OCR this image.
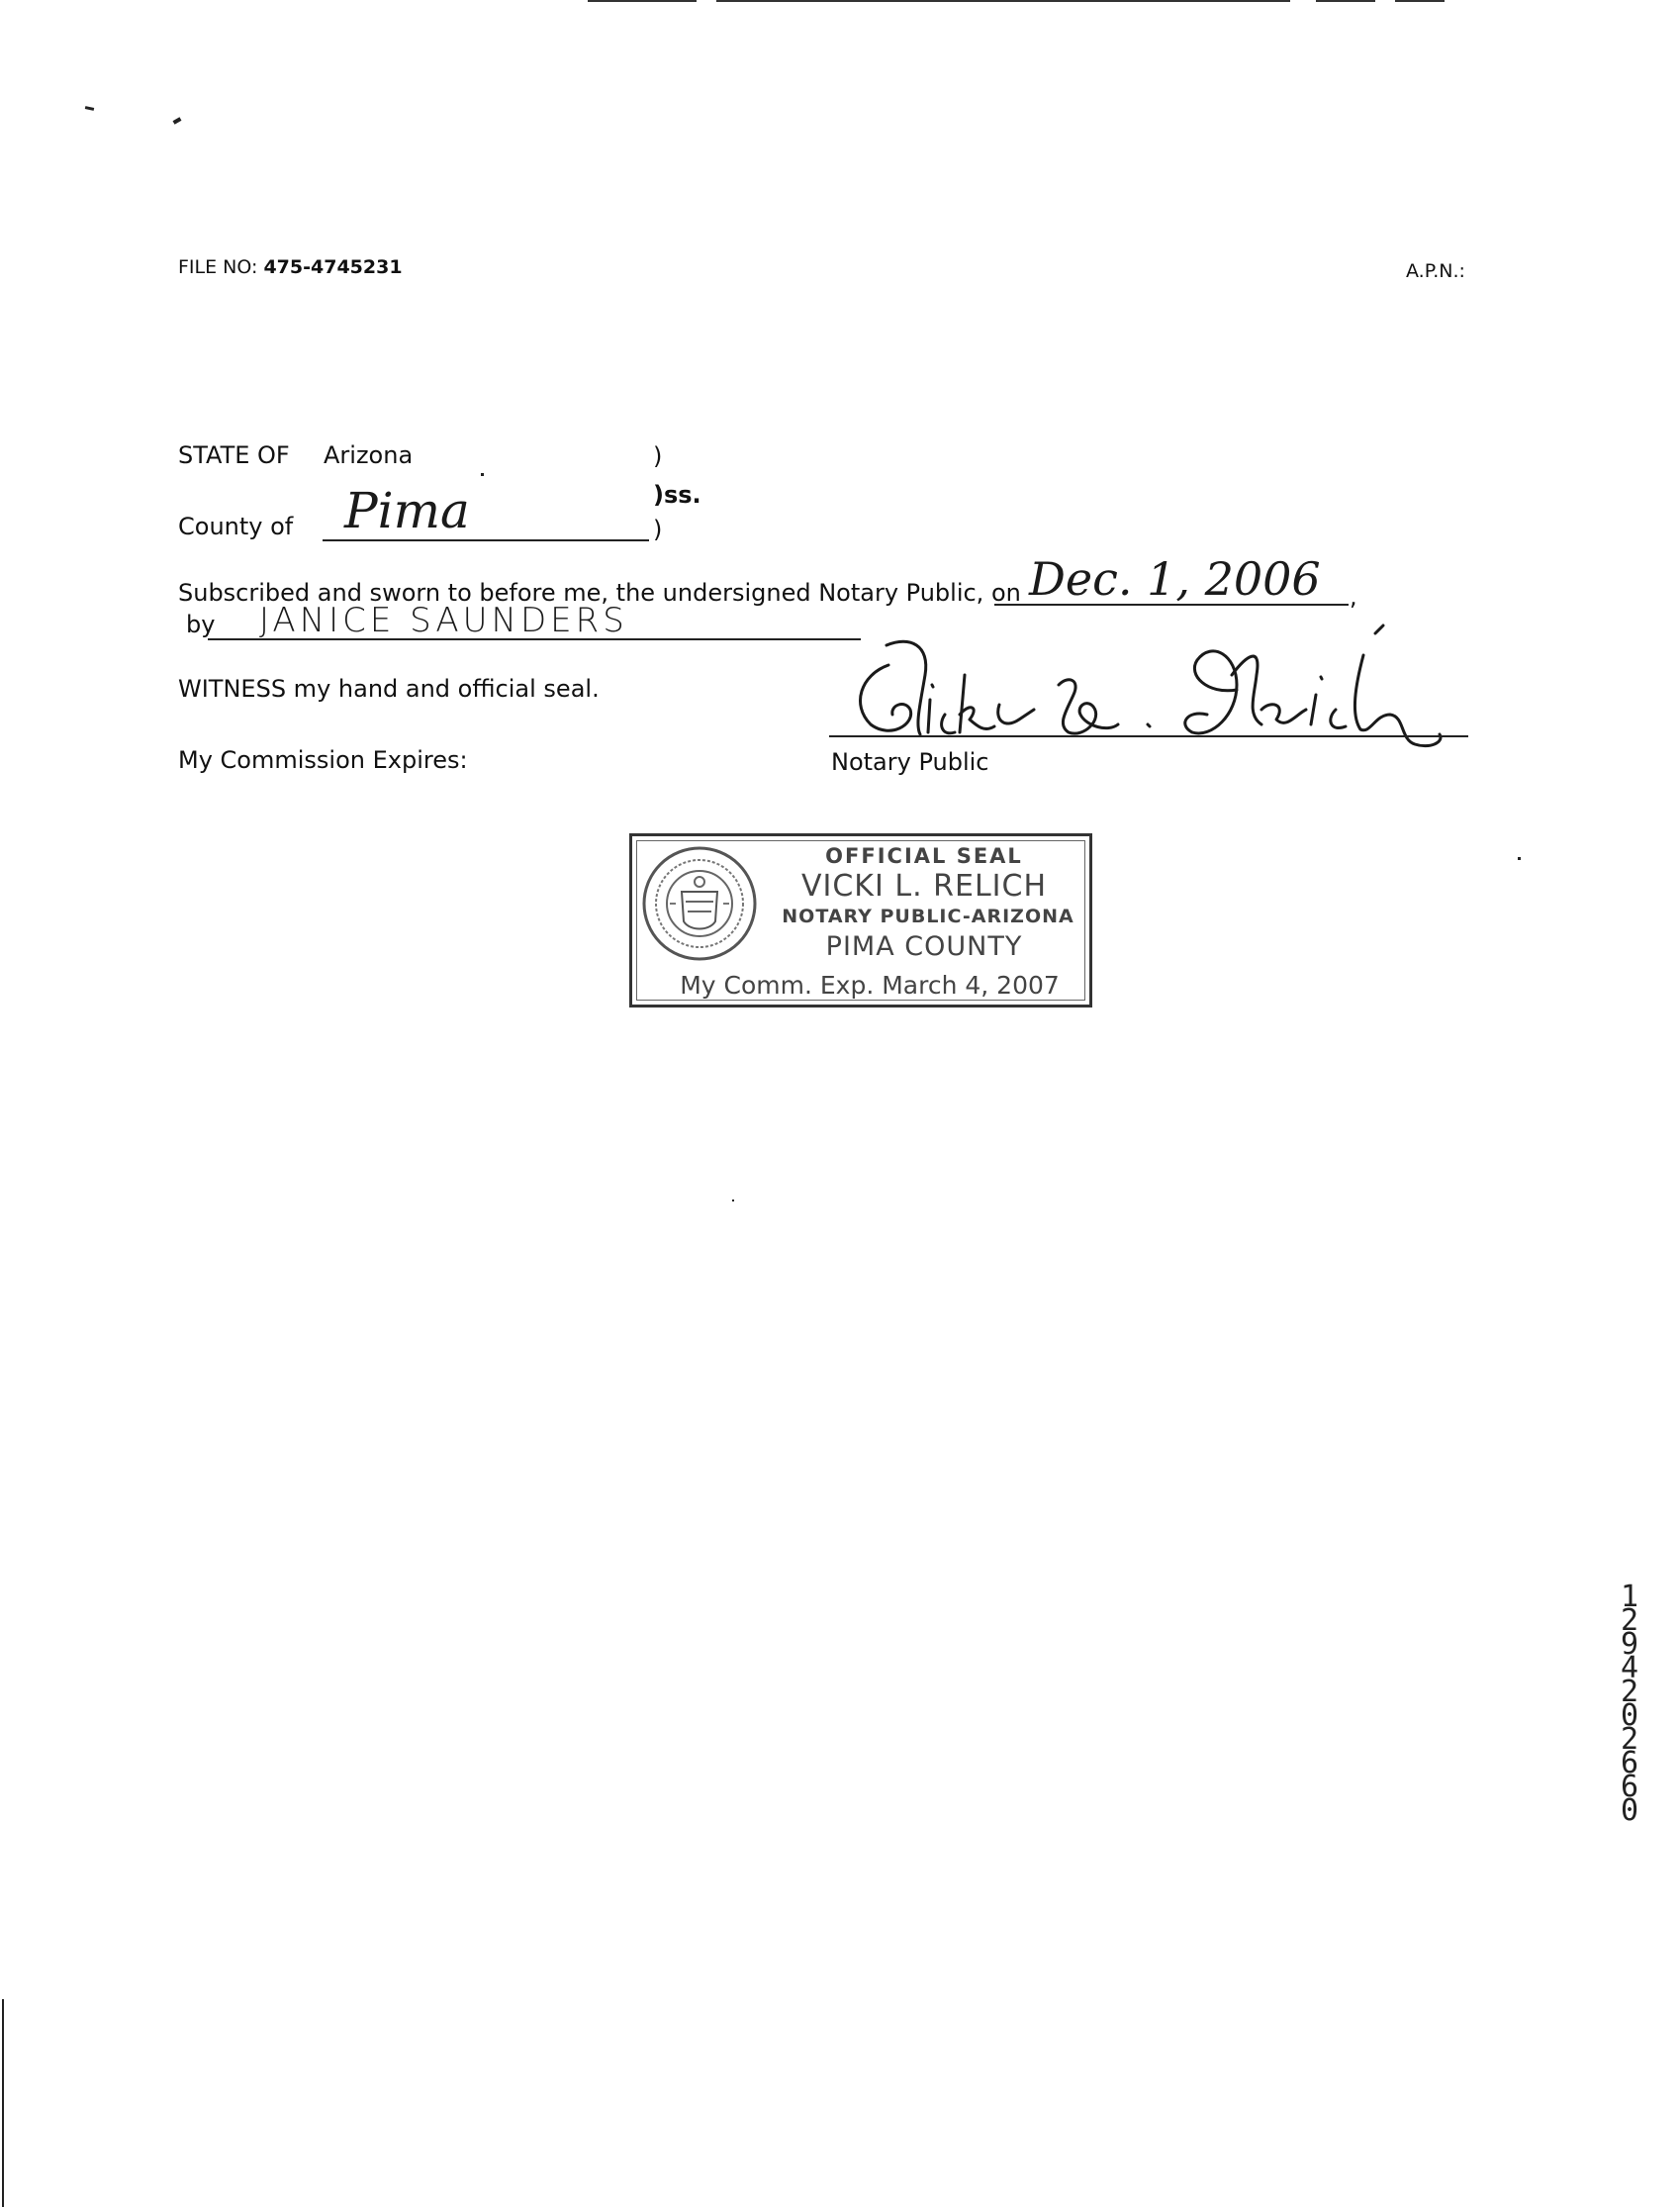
FILE NO: 475-4745231	A.P.N.:
STATE OF Arizona	)
)ss.
County of Pima	)
Subscribed and sworn to before me, the undersigned Notary Public, on Dec. 1, 2006 ,
by JANICE SAUNDERS
WITNESS my hand and official seal.
My Commission Expires:	Notary Public
OFFICIAL SEAL
VICKI L. RELICH
NOTARY PUBLIC-ARIZONA
PIMA COUNTY
My Comm. Exp. March 4, 2007
12942 02660
